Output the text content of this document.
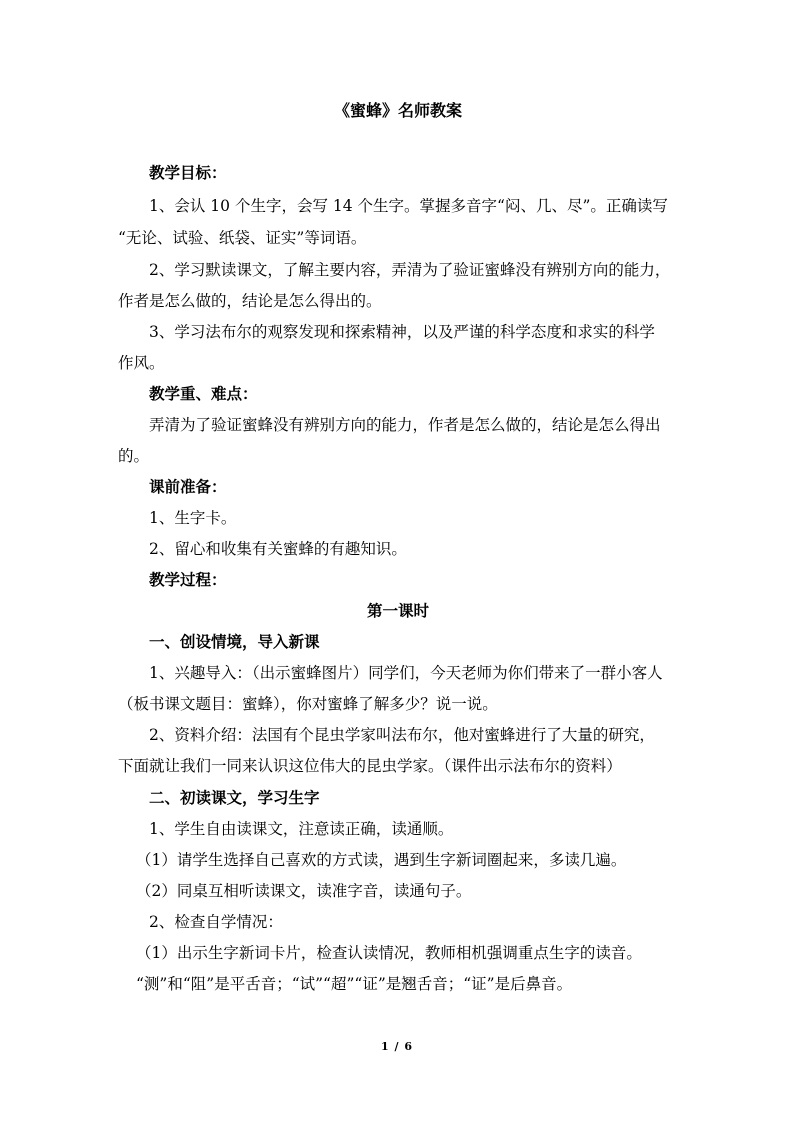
《蜜蜂》名师教案
教学目标：
1、会认 10 个生字，会写 14 个生字。掌握多音字“闷、几、尽”。正确读写
“无论、试验、纸袋、证实”等词语。
2、学习默读课文，了解主要内容，弄清为了验证蜜蜂没有辨别方向的能力，
作者是怎么做的，结论是怎么得出的。
3、学习法布尔的观察发现和探索精神，以及严谨的科学态度和求实的科学
作风。
教学重、难点：
弄清为了验证蜜蜂没有辨别方向的能力，作者是怎么做的，结论是怎么得出
的。
课前准备：
1、生字卡。
2、留心和收集有关蜜蜂的有趣知识。
教学过程：
第一课时
一、创设情境，导入新课
1、兴趣导入：（出示蜜蜂图片）同学们，今天老师为你们带来了一群小客人
（板书课文题目：蜜蜂），你对蜜蜂了解多少？说一说。
2、资料介绍：法国有个昆虫学家叫法布尔，他对蜜蜂进行了大量的研究，
下面就让我们一同来认识这位伟大的昆虫学家。（课件出示法布尔的资料）
二、初读课文，学习生字
1、学生自由读课文，注意读正确，读通顺。
（1）请学生选择自己喜欢的方式读，遇到生字新词圈起来，多读几遍。
（2）同桌互相听读课文，读准字音，读通句子。
2、检查自学情况：
（1）出示生字新词卡片，检查认读情况，教师相机强调重点生字的读音。
“测”和“阻”是平舌音；“试”“超”“证”是翘舌音；“证”是后鼻音。
1 / 6
